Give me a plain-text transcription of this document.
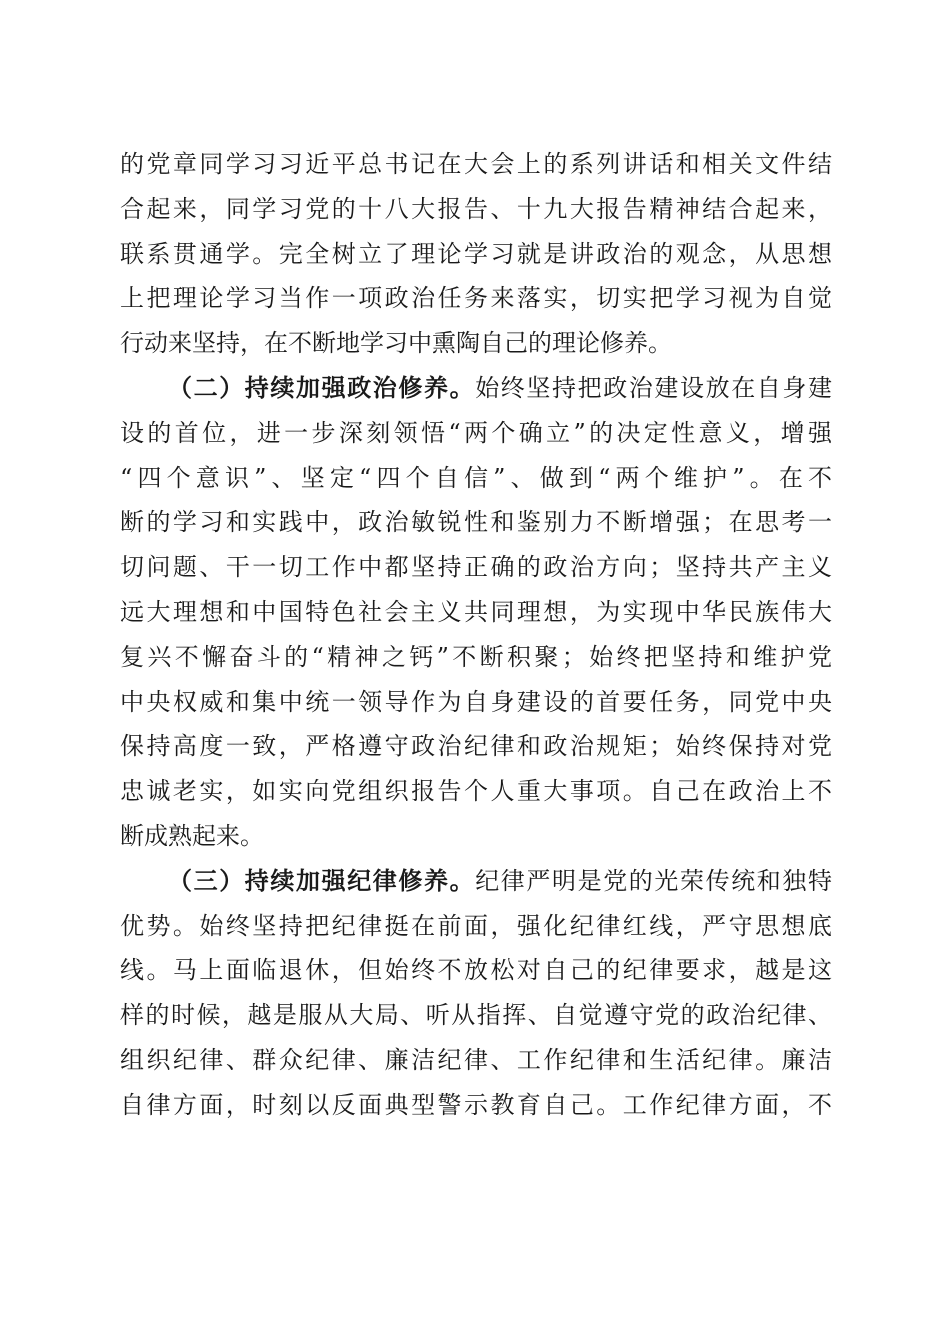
的党章同学习习近平总书记在大会上的系列讲话和相关文件结
合起来，同学习党的十八大报告、十九大报告精神结合起来，
联系贯通学。完全树立了理论学习就是讲政治的观念，从思想
上把理论学习当作一项政治任务来落实，切实把学习视为自觉
行动来坚持，在不断地学习中熏陶自己的理论修养。
（二）持续加强政治修养。始终坚持把政治建设放在自身建
设的首位，进一步深刻领悟“两个确立”的决定性意义，增强
“四个意识”、坚定“四个自信”、做到“两个维护”。在不
断的学习和实践中，政治敏锐性和鉴别力不断增强；在思考一
切问题、干一切工作中都坚持正确的政治方向；坚持共产主义
远大理想和中国特色社会主义共同理想，为实现中华民族伟大
复兴不懈奋斗的“精神之钙”不断积聚；始终把坚持和维护党
中央权威和集中统一领导作为自身建设的首要任务，同党中央
保持高度一致，严格遵守政治纪律和政治规矩；始终保持对党
忠诚老实，如实向党组织报告个人重大事项。自己在政治上不
断成熟起来。
（三）持续加强纪律修养。纪律严明是党的光荣传统和独特
优势。始终坚持把纪律挺在前面，强化纪律红线，严守思想底
线。马上面临退休，但始终不放松对自己的纪律要求，越是这
样的时候，越是服从大局、听从指挥、自觉遵守党的政治纪律、
组织纪律、群众纪律、廉洁纪律、工作纪律和生活纪律。廉洁
自律方面，时刻以反面典型警示教育自己。工作纪律方面，不
